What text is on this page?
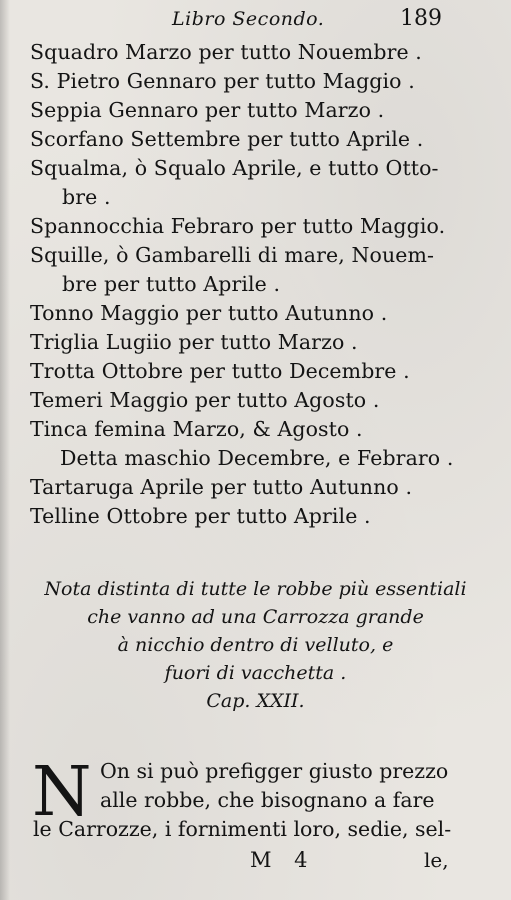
Libro Secondo.	189
Squadro Marzo per tutto Nouembre .
S. Pietro Gennaro per tutto Maggio .
Seppia Gennaro per tutto Marzo .
Scorfano Settembre per tutto Aprile .
Squalma, ò Squalo Aprile, e tutto Otto-
bre .
Spannocchia Febraro per tutto Maggio.
Squille, ò Gambarelli di mare, Nouem-
bre per tutto Aprile .
Tonno Maggio per tutto Autunno .
Triglia Lugiio per tutto Marzo .
Trotta Ottobre per tutto Decembre .
Temeri Maggio per tutto Agosto .
Tinca femina Marzo, & Agosto .
Detta maschio Decembre, e Febraro .
Tartaruga Aprile per tutto Autunno .
Telline Ottobre per tutto Aprile .
Nota distinta di tutte le robbe più essentiali
che vanno ad una Carrozza grande
à nicchio dentro di velluto, e
fuori di vacchetta .
Cap. XXII.
N On si può prefigger giusto prezzo
alle robbe, che bisognano a fare
le Carrozze, i fornimenti loro, sedie, sel-
M 4	le,
